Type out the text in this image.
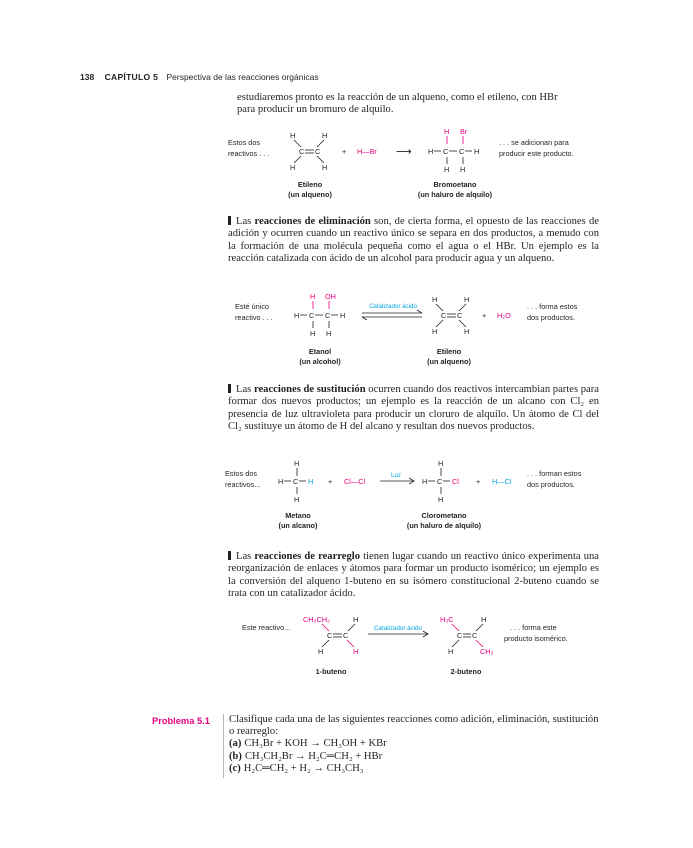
138 CAPÍTULO 5 Perspectiva de las reacciones orgánicas
estudiaremos pronto es la reacción de un alqueno, como el etileno, con HBr
para producir un bromuro de alquilo.
Estos dos
reactivos . . .
H	H
C C
H	H
+ H—Br ⟶
H Br
H C C H
H H
. . . se adicionan para
producir este producto.
Etileno
(un alqueno)
Bromoetano
(un haluro de alquilo)
Las reacciones de eliminación son, de cierta forma, el opuesto de las reacciones de adición y ocurren cuando un reactivo único se separa en dos productos, a menudo con la formación de una molécula pequeña como el agua o el HBr. Un ejemplo es la reacción catalizada con ácido de un alcohol para producir agua y un alqueno.
Esté único
reactivo . . .
H OH
H C C H
H H
Catalizador ácido
H	H
C C
H	H
+ H₂O
. . . forma estos
dos productos.
Etanol
(un alcohol)
Etileno
(un alqueno)
Las reacciones de sustitución ocurren cuando dos reactivos intercambian partes para formar dos nuevos productos; un ejemplo es la reacción de un alcano con Cl₂ en presencia de luz ultravioleta para producir un cloruro de alquilo. Un átomo de Cl del Cl₂ sustituye un átomo de H del alcano y resultan dos nuevos productos.
Estos dos
reactivos...
H
H C H
H
+ Cl—Cl
Luz
H
H C Cl
H
+ H—Cl
. . . forman estos
dos productos.
Metano
(un alcano)
Clorometano
(un haluro de alquilo)
Las reacciones de rearreglo tienen lugar cuando un reactivo único experimenta una reorganización de enlaces y átomos para formar un producto isomérico; un ejemplo es la conversión del alqueno 1-buteno en su isómero constitucional 2-buteno cuando se trata con un catalizador ácido.
Este reactivo...
CH₃CH₂	H
C C
H	H
Catalizador ácido
H₃C	H
C C
H	CH₃
. . . forma este
producto isomérico.
1-buteno	2-buteno
Problema 5.1 Clasifique cada una de las siguientes reacciones como adición, eliminación, sustitución o rearreglo:
(a) CH₃Br + KOH → CH₃OH + KBr
(b) CH₃CH₂Br → H₂C═CH₂ + HBr
(c) H₂C═CH₂ + H₂ → CH₃CH₃
